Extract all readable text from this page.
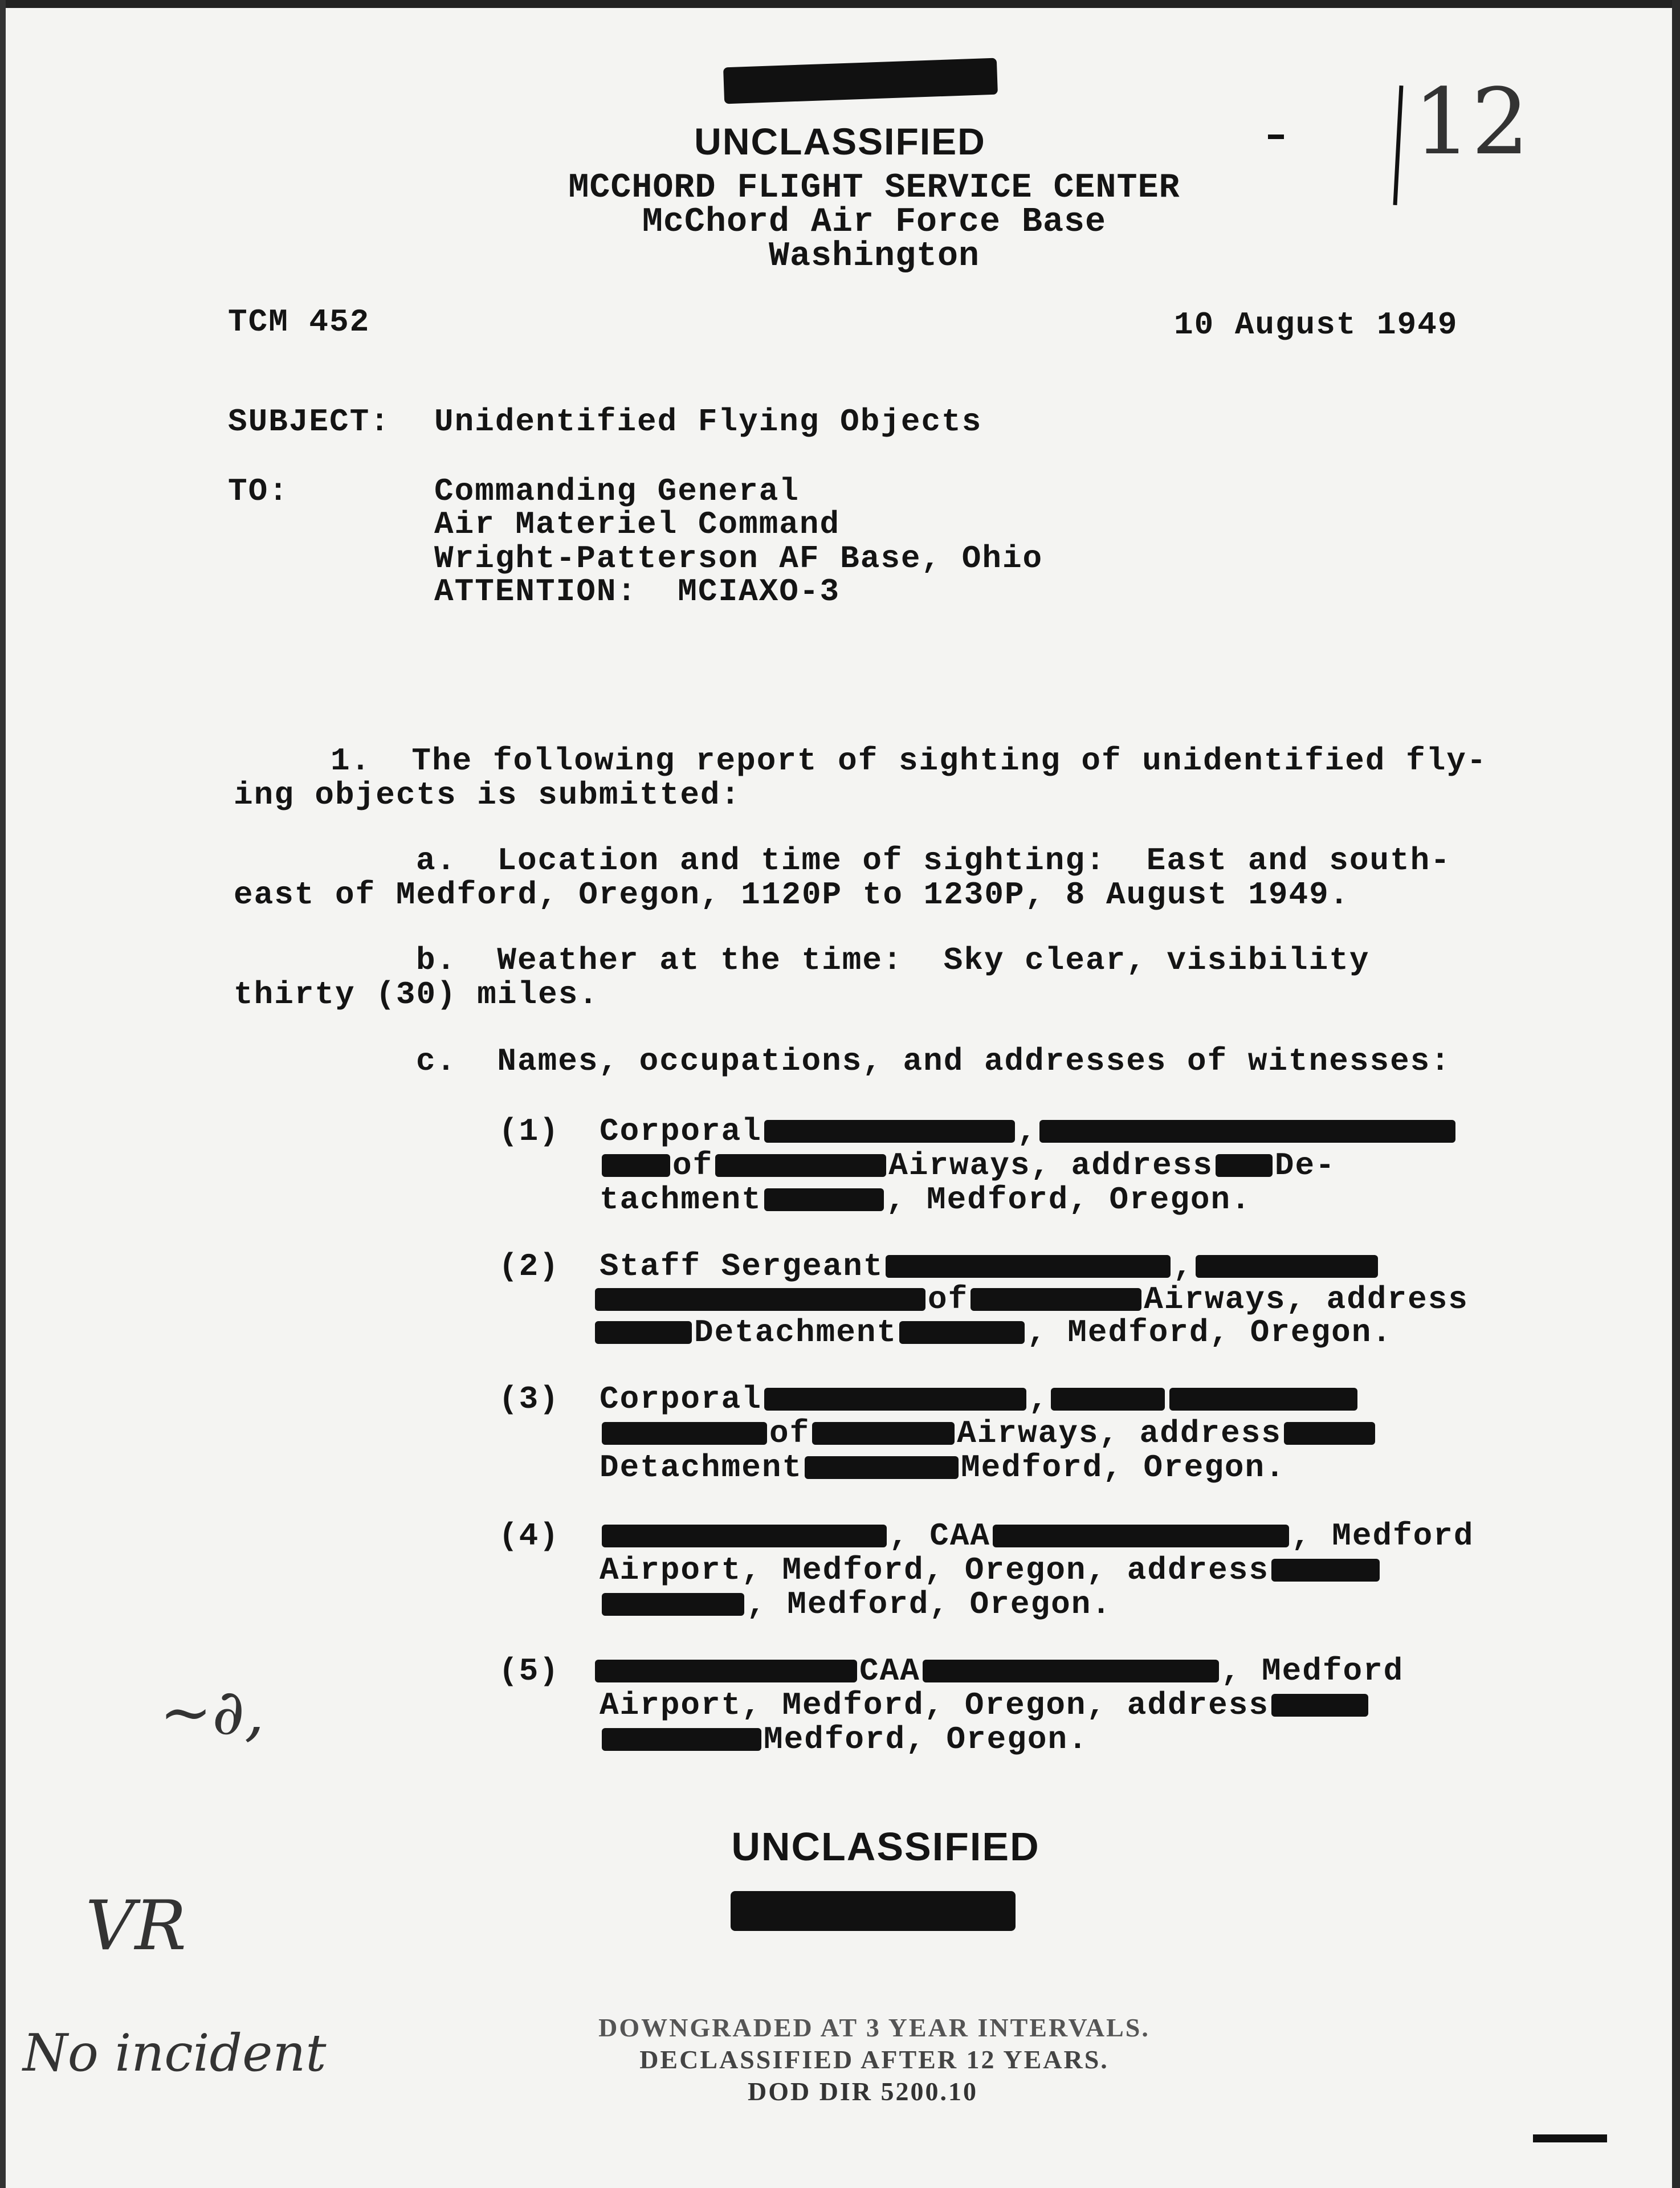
UNCLASSIFIED	12
MCCHORD FLIGHT SERVICE CENTER
McChord Air Force Base
Washington
TCM 452	10 August 1949
SUBJECT: Unidentified Flying Objects
TO:	Commanding General
Air Materiel Command
Wright-Patterson AF Base, Ohio
ATTENTION:  MCIAXO-3
1.  The following report of sighting of unidentified fly-
ing objects is submitted:
a.  Location and time of sighting:  East and south-
east of Medford, Oregon, 1120P to 1230P, 8 August 1949.
b.  Weather at the time:  Sky clear, visibility
thirty (30) miles.
c.  Names, occupations, and addresses of witnesses:
(1) Corporal	,
of	Airways, address De-
tachment	, Medford, Oregon.
(2) Staff Sergeant	,
of	Airways, address
Detachment	, Medford, Oregon.
(3) Corporal	,
of	Airways, address
Detachment	Medford, Oregon.
(4)	, CAA	, Medford
Airport, Medford, Oregon, address
, Medford, Oregon.
(5)	CAA	, Medford
Airport, Medford, Oregon, address
Medford, Oregon.
~∂,
UNCLASSIFIED
VR
No incident	DOWNGRADED AT 3 YEAR INTERVALS.
DECLASSIFIED AFTER 12 YEARS.
DOD DIR 5200.10
